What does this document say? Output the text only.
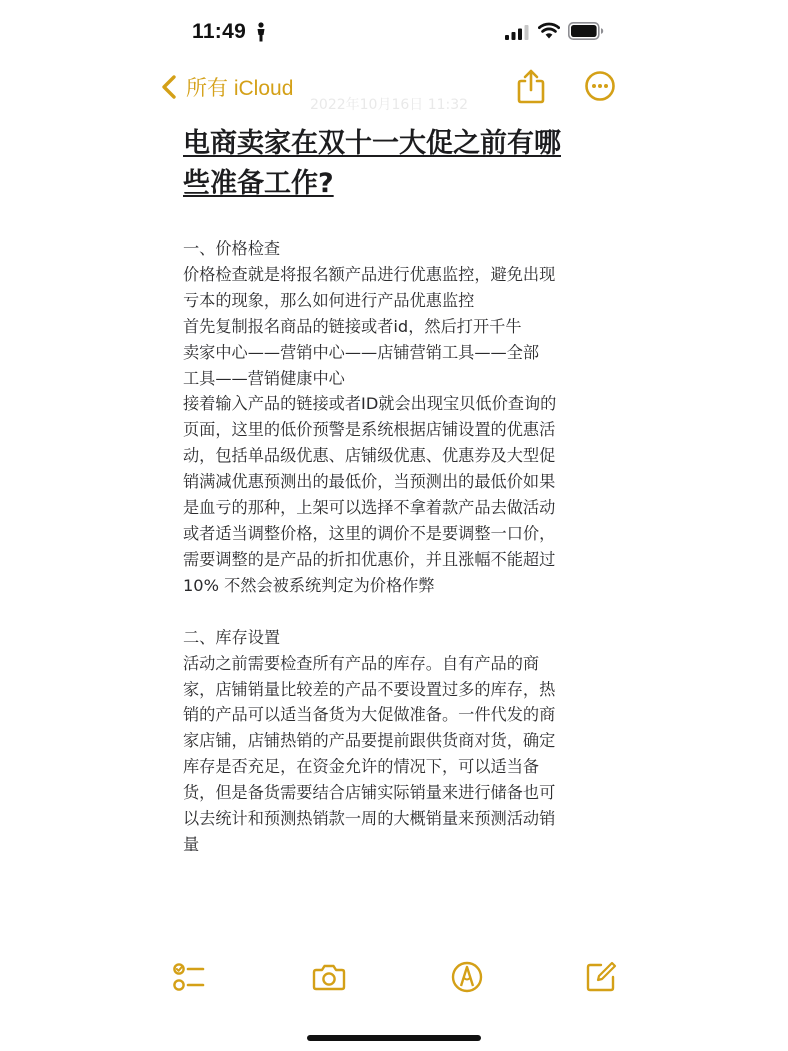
11:49
所有 iCloud
2022年10月16日 11:32
电商卖家在双十一大促之前有哪
些准备工作?
一、价格检查
价格检查就是将报名额产品进行优惠监控，避免出现
亏本的现象，那么如何进行产品优惠监控
首先复制报名商品的链接或者id，然后打开千牛
卖家中心——营销中心——店铺营销工具——全部
工具——营销健康中心
接着输入产品的链接或者ID就会出现宝贝低价查询的
页面，这里的低价预警是系统根据店铺设置的优惠活
动，包括单品级优惠、店铺级优惠、优惠券及大型促
销满减优惠预测出的最低价，当预测出的最低价如果
是血亏的那种，上架可以选择不拿着款产品去做活动
或者适当调整价格，这里的调价不是要调整一口价，
需要调整的是产品的折扣优惠价，并且涨幅不能超过
10% 不然会被系统判定为价格作弊
二、库存设置
活动之前需要检查所有产品的库存。自有产品的商
家，店铺销量比较差的产品不要设置过多的库存，热
销的产品可以适当备货为大促做准备。一件代发的商
家店铺，店铺热销的产品要提前跟供货商对货，确定
库存是否充足，在资金允许的情况下，可以适当备
货，但是备货需要结合店铺实际销量来进行储备也可
以去统计和预测热销款一周的大概销量来预测活动销
量
